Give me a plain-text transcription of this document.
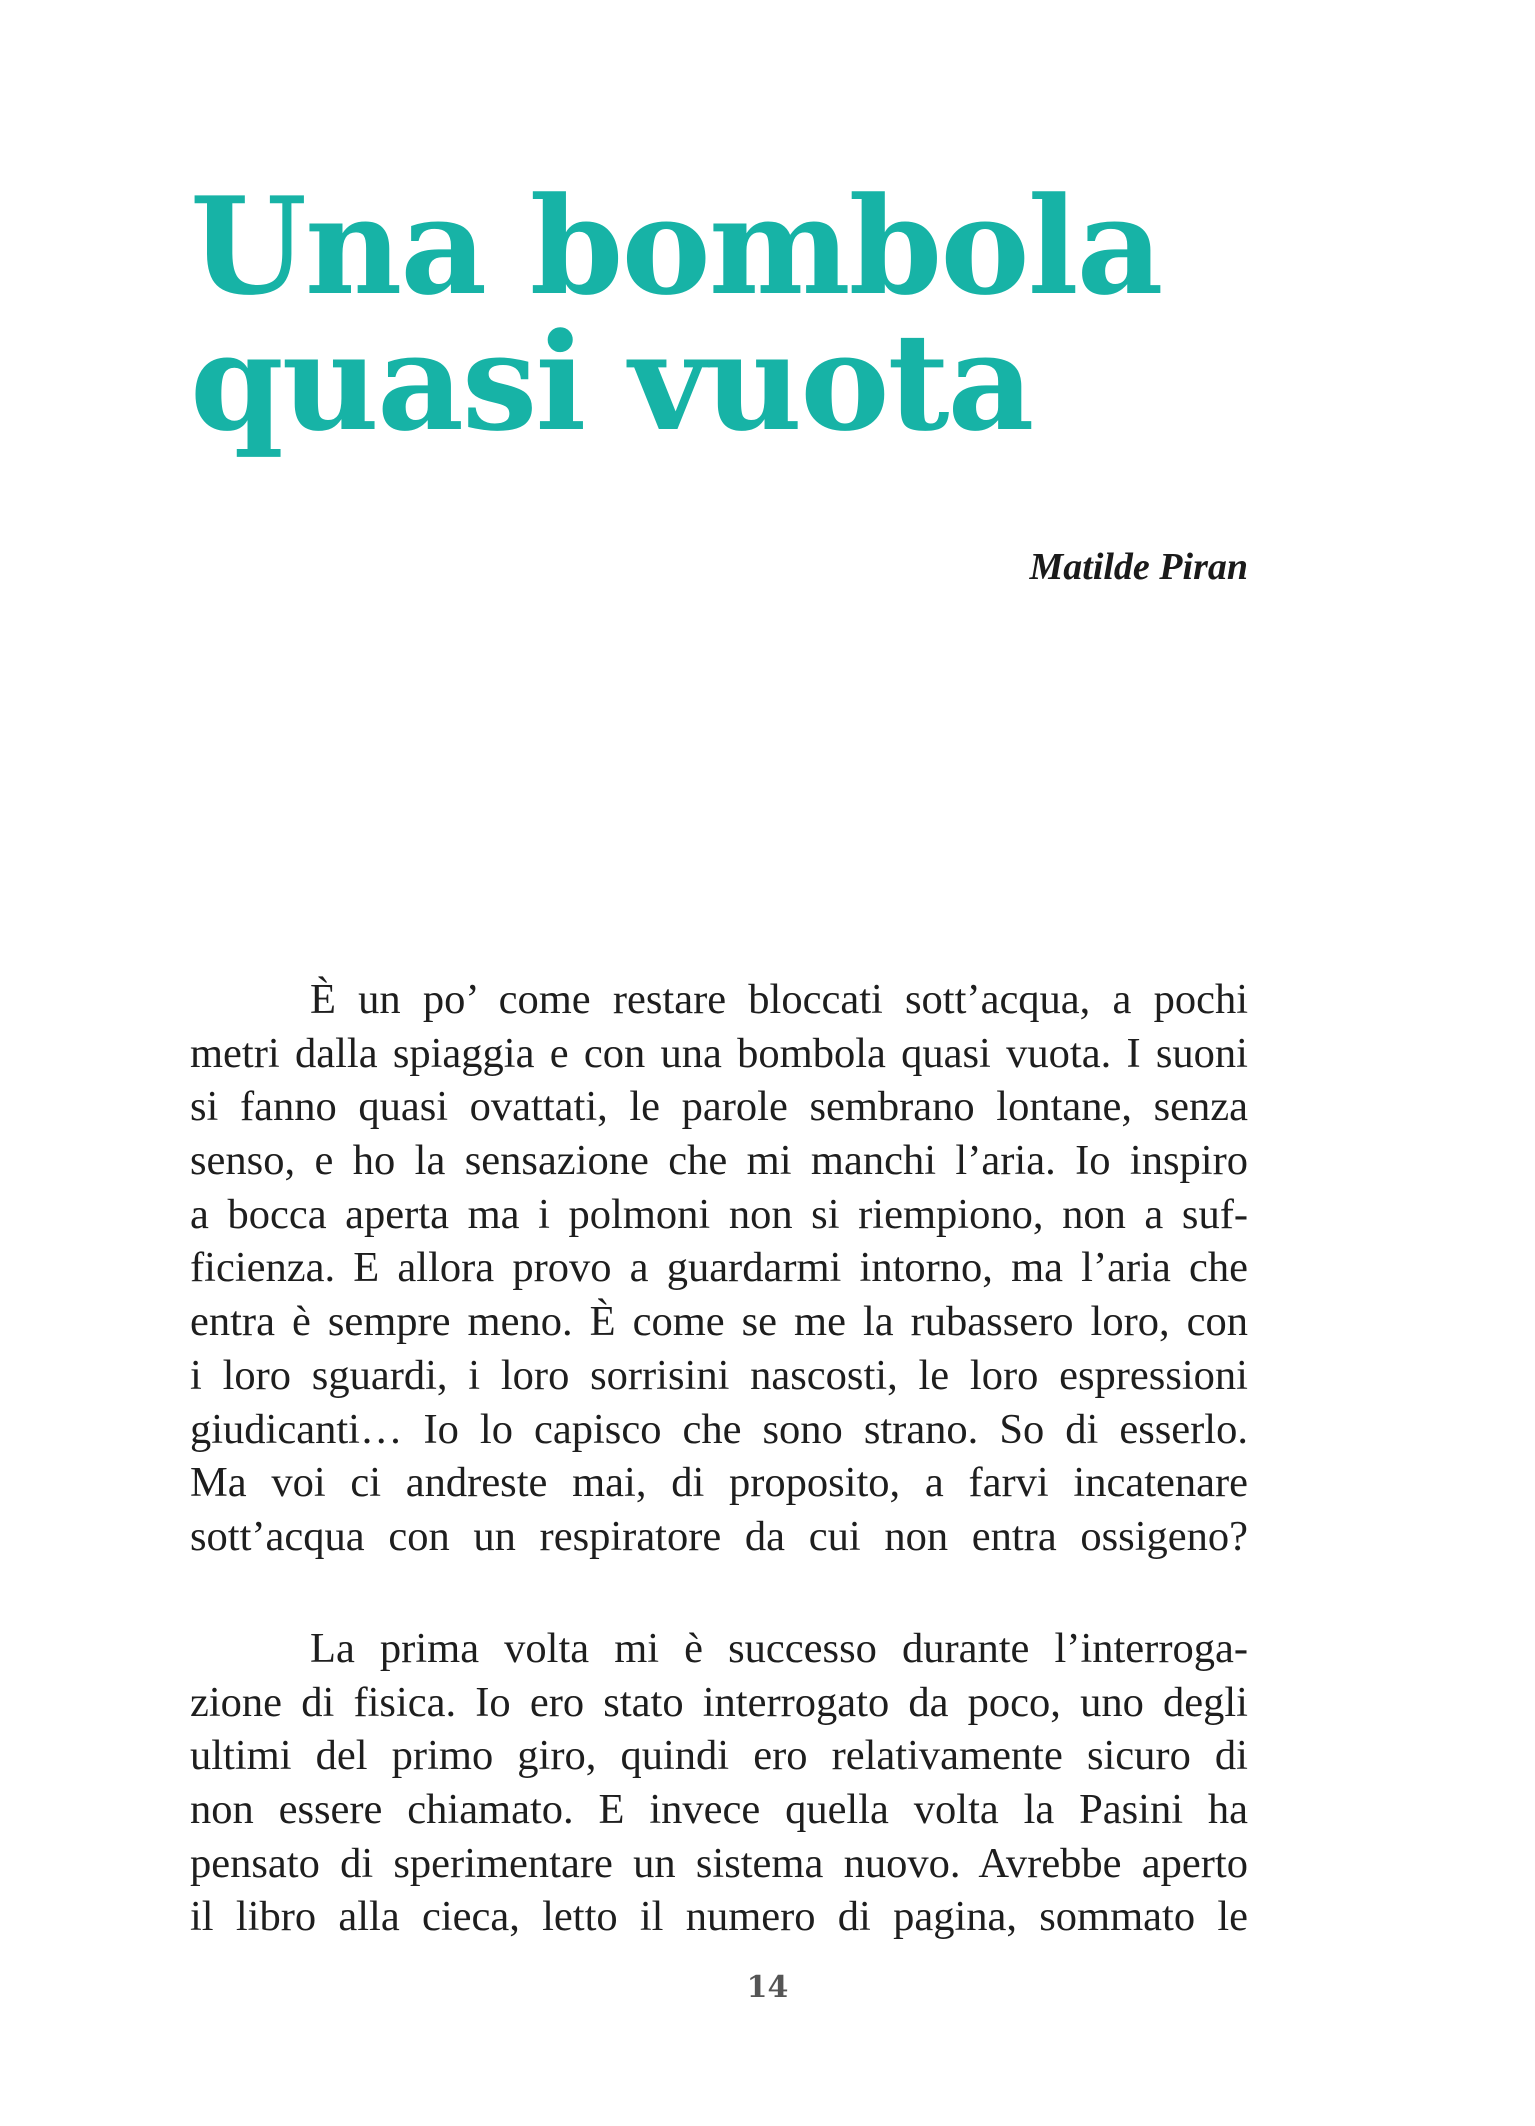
Una bombola
quasi vuota
Matilde Piran
È un po’ come restare bloccati sott’acqua, a pochi
metri dalla spiaggia e con una bombola quasi vuota. I suoni
si fanno quasi ovattati, le parole sembrano lontane, senza
senso, e ho la sensazione che mi manchi l’aria. Io inspiro
a bocca aperta ma i polmoni non si riempiono, non a suf-
ficienza. E allora provo a guardarmi intorno, ma l’aria che
entra è sempre meno. È come se me la rubassero loro, con
i loro sguardi, i loro sorrisini nascosti, le loro espressioni
giudicanti… Io lo capisco che sono strano. So di esserlo.
Ma voi ci andreste mai, di proposito, a farvi incatenare
sott’acqua con un respiratore da cui non entra ossigeno?
La prima volta mi è successo durante l’interroga-
zione di fisica. Io ero stato interrogato da poco, uno degli
ultimi del primo giro, quindi ero relativamente sicuro di
non essere chiamato. E invece quella volta la Pasini ha
pensato di sperimentare un sistema nuovo. Avrebbe aperto
il libro alla cieca, letto il numero di pagina, sommato le
14
